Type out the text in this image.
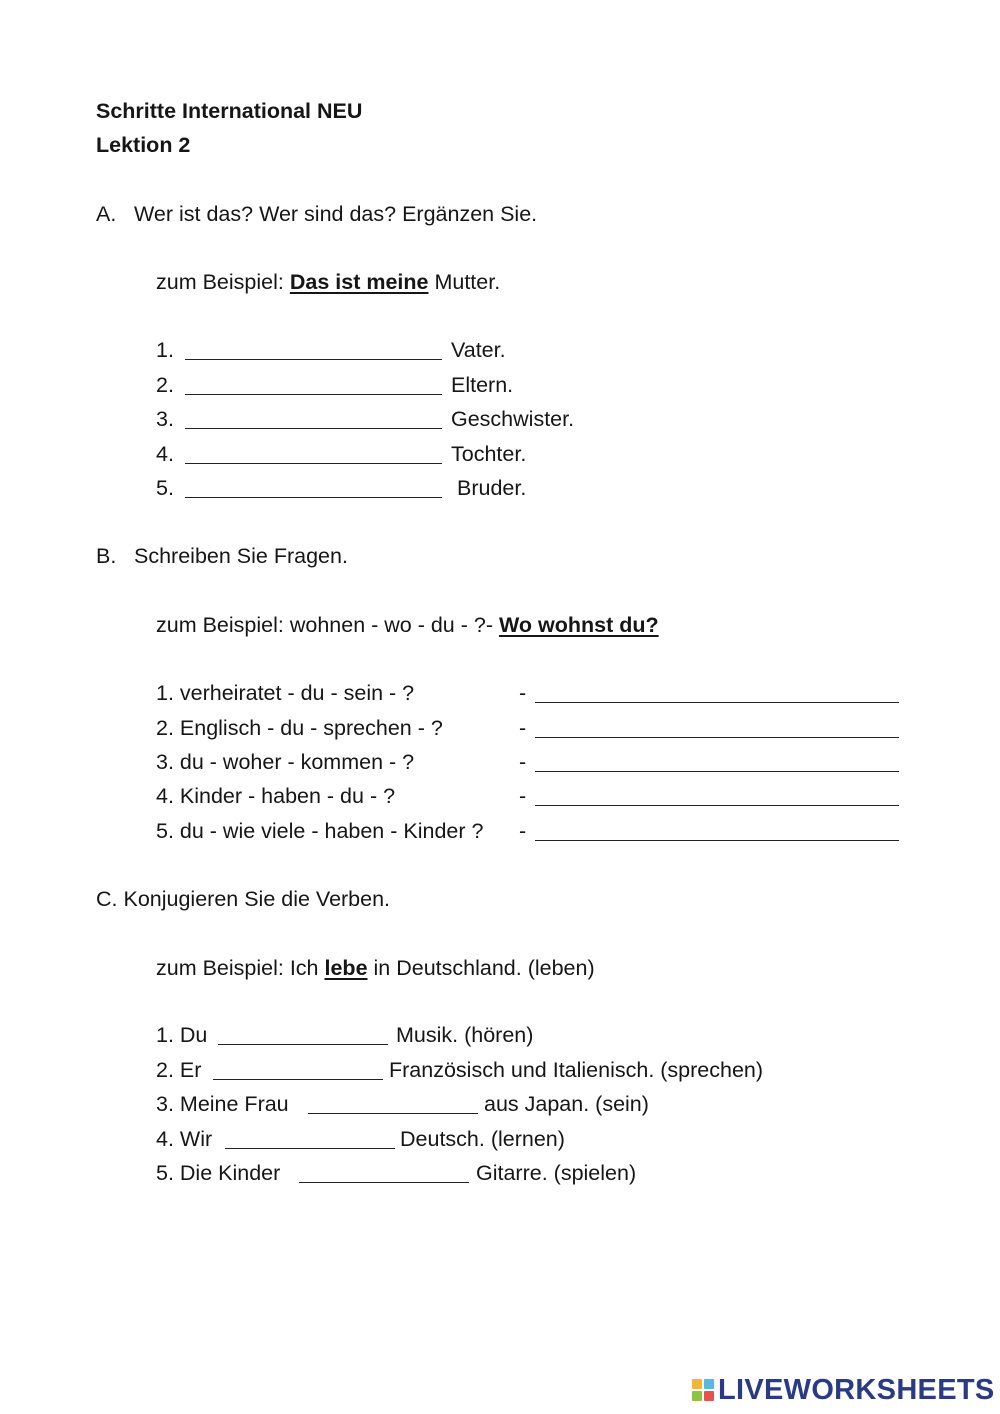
Schritte International NEU
Lektion 2
A. Wer ist das? Wer sind das? Ergänzen Sie.
zum Beispiel: Das ist meine Mutter.
1.	Vater.
2.	Eltern.
3.	Geschwister.
4.	Tochter.
5.	Bruder.
B. Schreiben Sie Fragen.
zum Beispiel: wohnen - wo - du - ?- Wo wohnst du?
1. verheiratet - du - sein - ?	-
2. Englisch - du - sprechen - ?	-
3. du - woher - kommen - ?	-
4. Kinder - haben - du - ?	-
5. du - wie viele - haben - Kinder ? -
C. Konjugieren Sie die Verben.
zum Beispiel: Ich lebe in Deutschland. (leben)
1. Du	Musik. (hören)
2. Er	Französisch und Italienisch. (sprechen)
3. Meine Frau	aus Japan. (sein)
4. Wir	Deutsch. (lernen)
5. Die Kinder	Gitarre. (spielen)
LIVEWORKSHEETS
